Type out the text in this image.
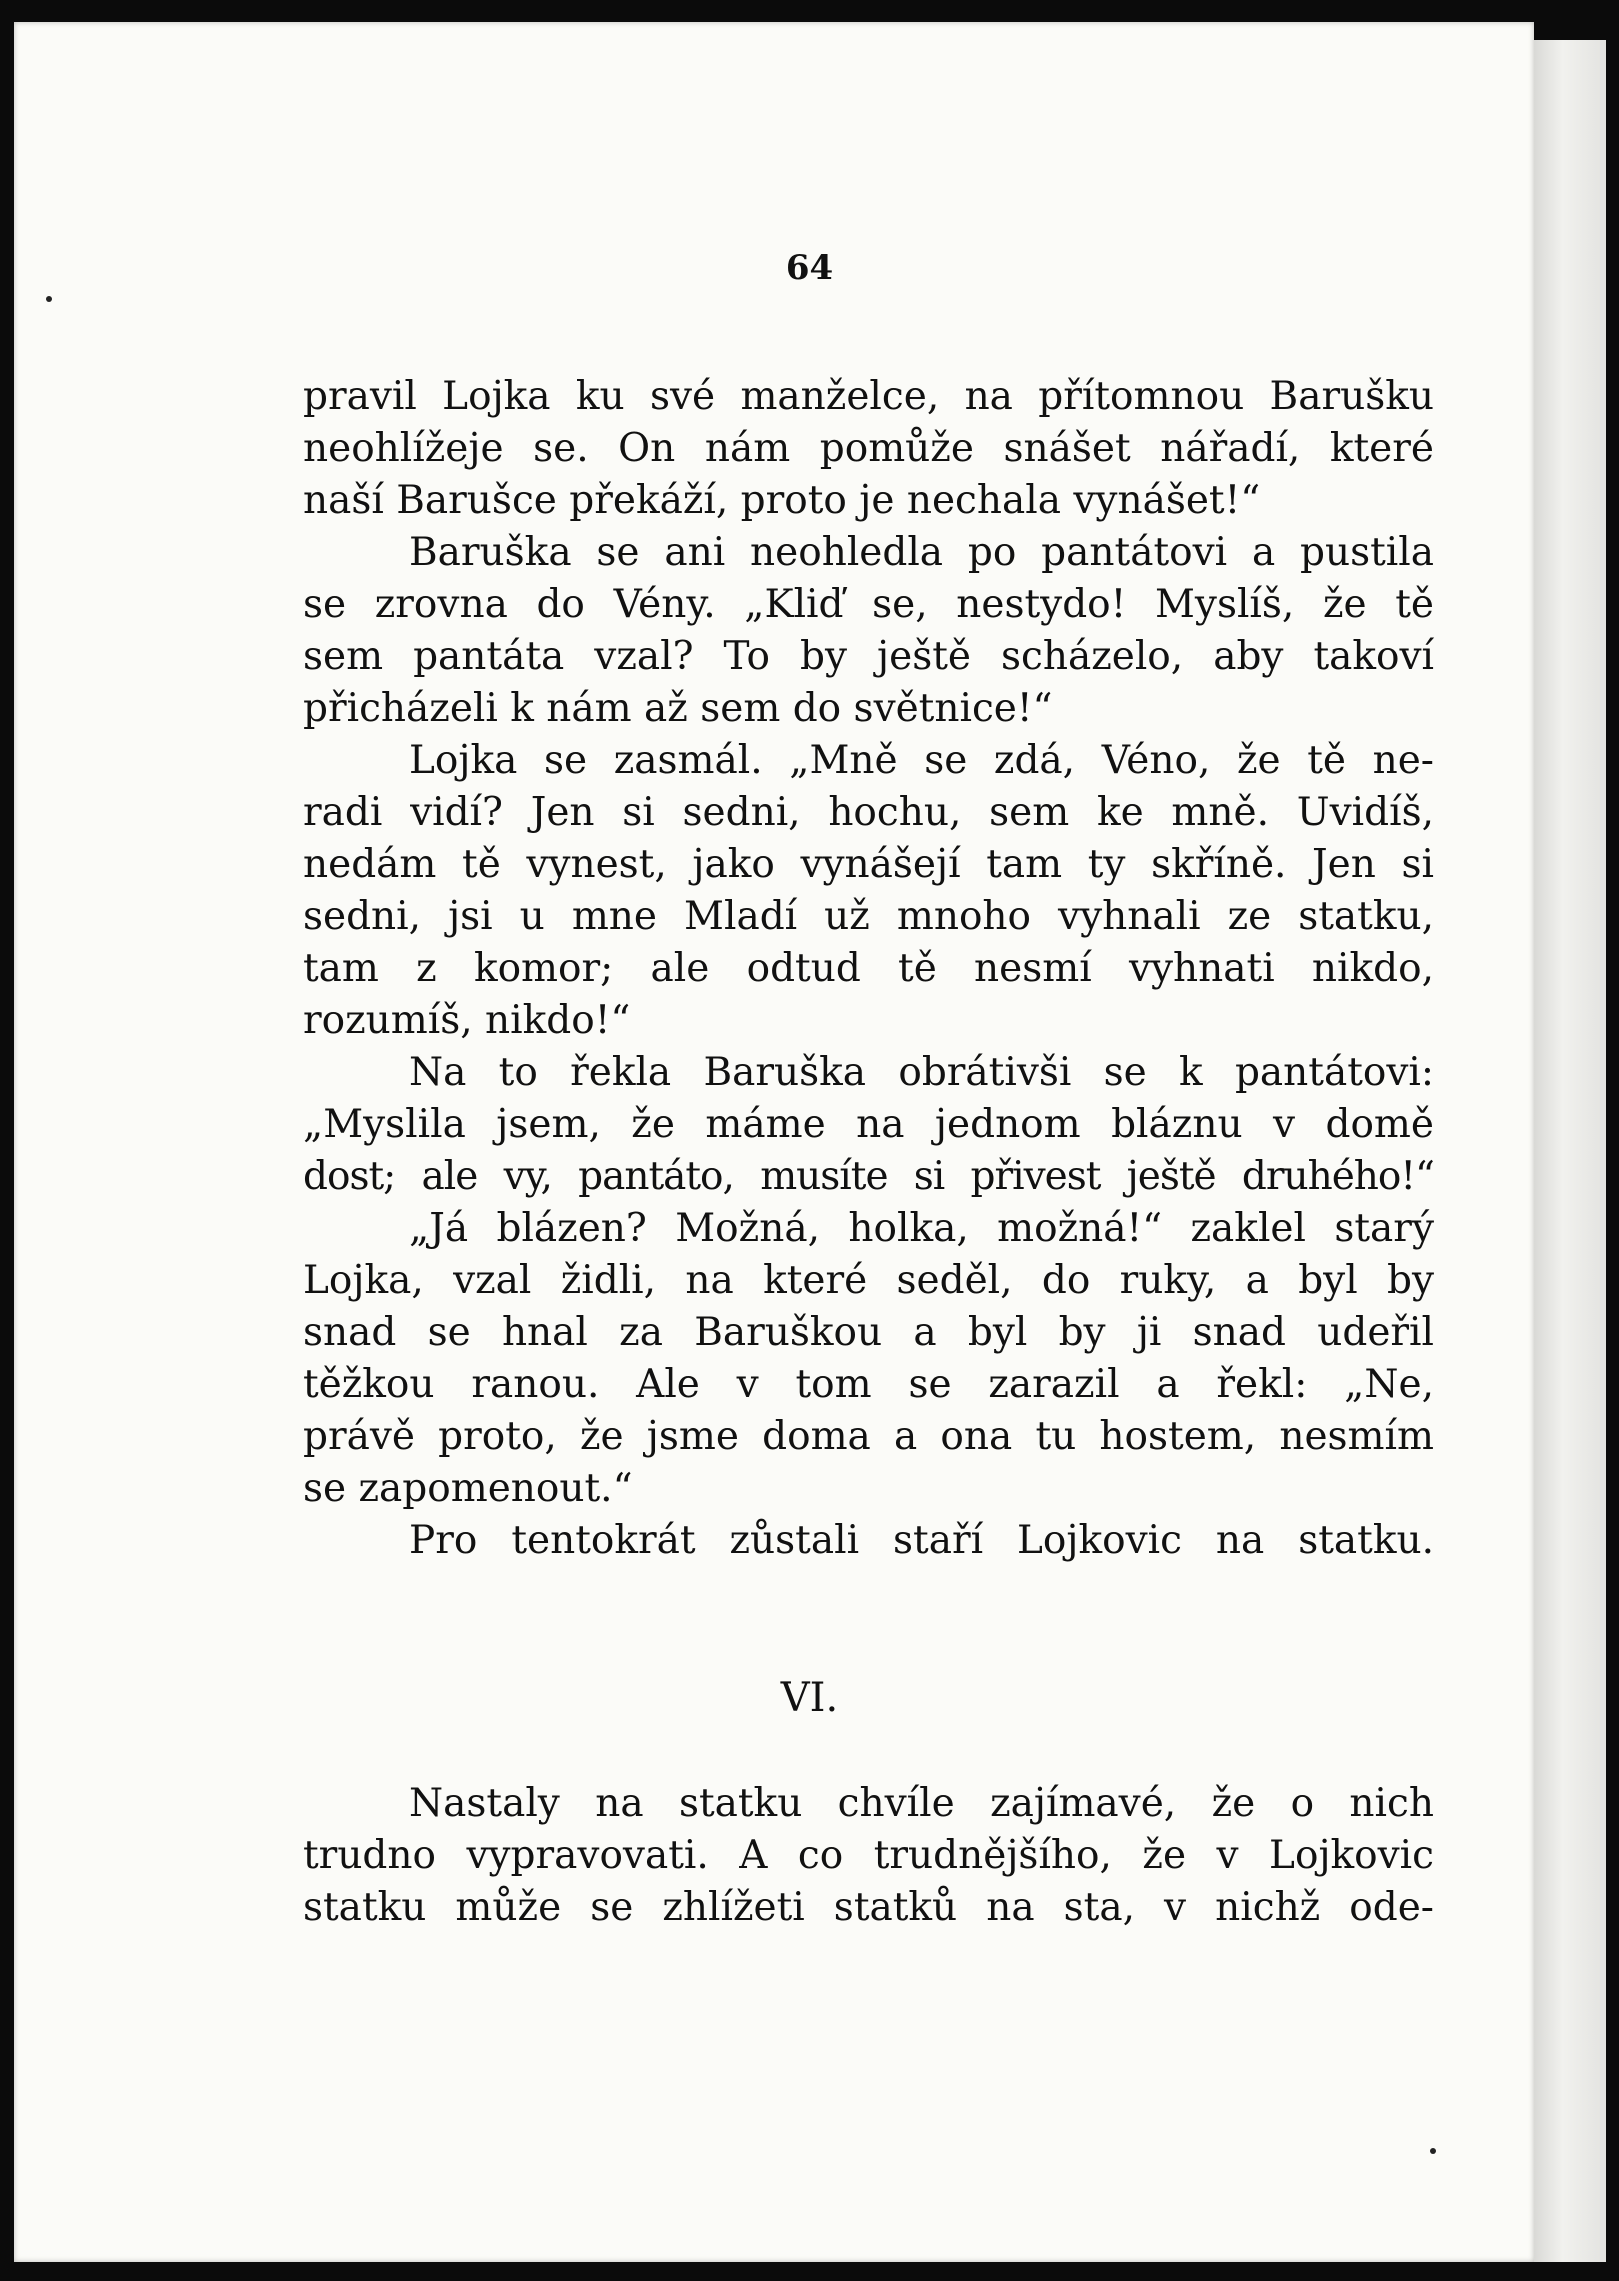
64

pravil Lojka ku své manželce, na přítomnou Barušku
neohlížeje se. On nám pomůže snášet nářadí, které
naší Barušce překáží, proto je nechala vynášet!“
Baruška se ani neohledla po pantátovi a pustila
se zrovna do Vény. „Kliď se, nestydo! Myslíš, že tě
sem pantáta vzal? To by ještě scházelo, aby takoví
přicházeli k nám až sem do světnice!“
Lojka se zasmál. „Mně se zdá, Véno, že tě ne-
radi vidí? Jen si sedni, hochu, sem ke mně. Uvidíš,
nedám tě vynest, jako vynášejí tam ty skříně. Jen si
sedni, jsi u mne Mladí už mnoho vyhnali ze statku,
tam z komor; ale odtud tě nesmí vyhnati nikdo,
rozumíš, nikdo!“
Na to řekla Baruška obrátivši se k pantátovi:
„Myslila jsem, že máme na jednom bláznu v domě
dost; ale vy, pantáto, musíte si přivest ještě druhého!“
„Já blázen? Možná, holka, možná!“ zaklel starý
Lojka, vzal židli, na které seděl, do ruky, a byl by
snad se hnal za Baruškou a byl by ji snad udeřil
těžkou ranou. Ale v tom se zarazil a řekl: „Ne,
právě proto, že jsme doma a ona tu hostem, nesmím
se zapomenout.“
Pro tentokrát zůstali staří Lojkovic na statku.

VI.

Nastaly na statku chvíle zajímavé, že o nich
trudno vypravovati. A co trudnějšího, že v Lojkovic
statku může se zhlížeti statků na sta, v nichž ode-
